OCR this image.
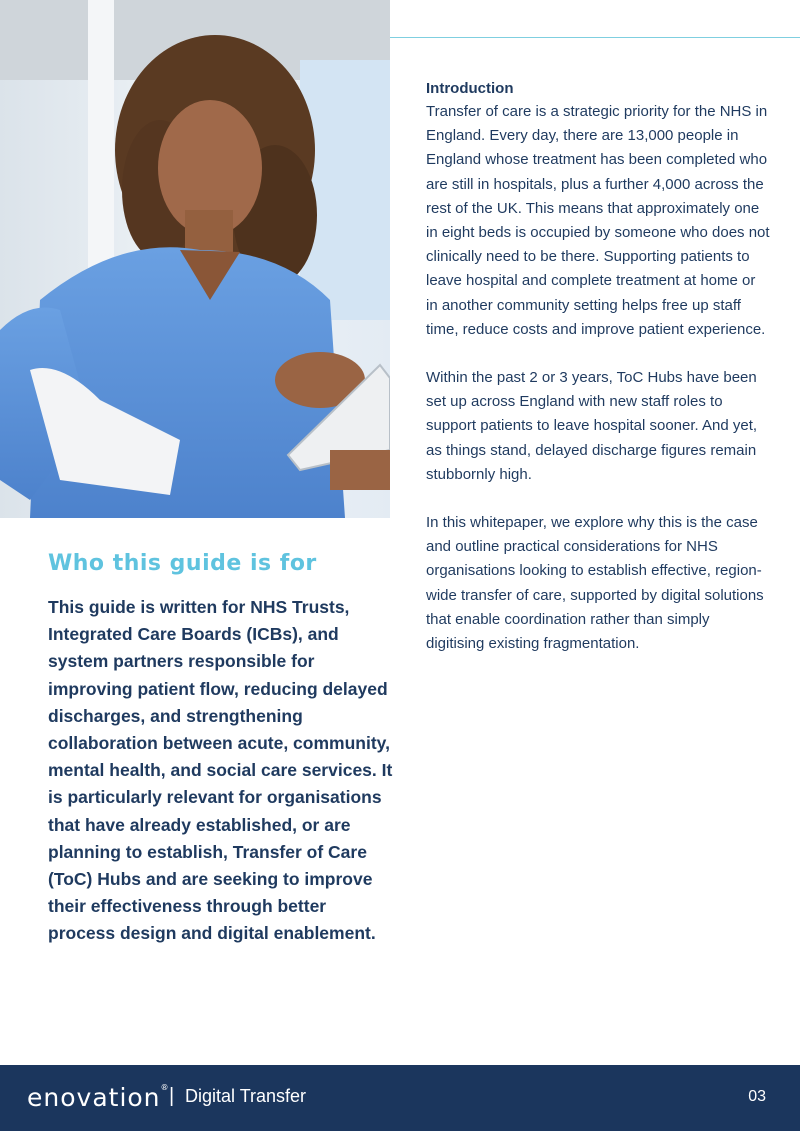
Introduction

Transfer of care is a strategic priority for the NHS in England. Every day, there are 13,000 people in England whose treatment has been completed who are still in hospitals, plus a further 4,000 across the rest of the UK. This means that approximately one in eight beds is occupied by someone who does not clinically need to be there. Supporting patients to leave hospital and complete treatment at home or in another community setting helps free up staff time, reduce costs and improve patient experience.

Within the past 2 or 3 years, ToC Hubs have been set up across England with new staff roles to support patients to leave hospital sooner. And yet, as things stand, delayed discharge figures remain stubbornly high.

In this whitepaper, we explore why this is the case and outline practical considerations for NHS organisations looking to establish effective, region-wide transfer of care, supported by digital solutions that enable coordination rather than simply digitising existing fragmentation.

Who this guide is for

This guide is written for NHS Trusts, Integrated Care Boards (ICBs), and system partners responsible for improving patient flow, reducing delayed discharges, and strengthening collaboration between acute, community, mental health, and social care services. It is particularly relevant for organisations that have already established, or are planning to establish, Transfer of Care (ToC) Hubs and are seeking to improve their effectiveness through better process design and digital enablement.

enovation® | Digital Transfer	03
